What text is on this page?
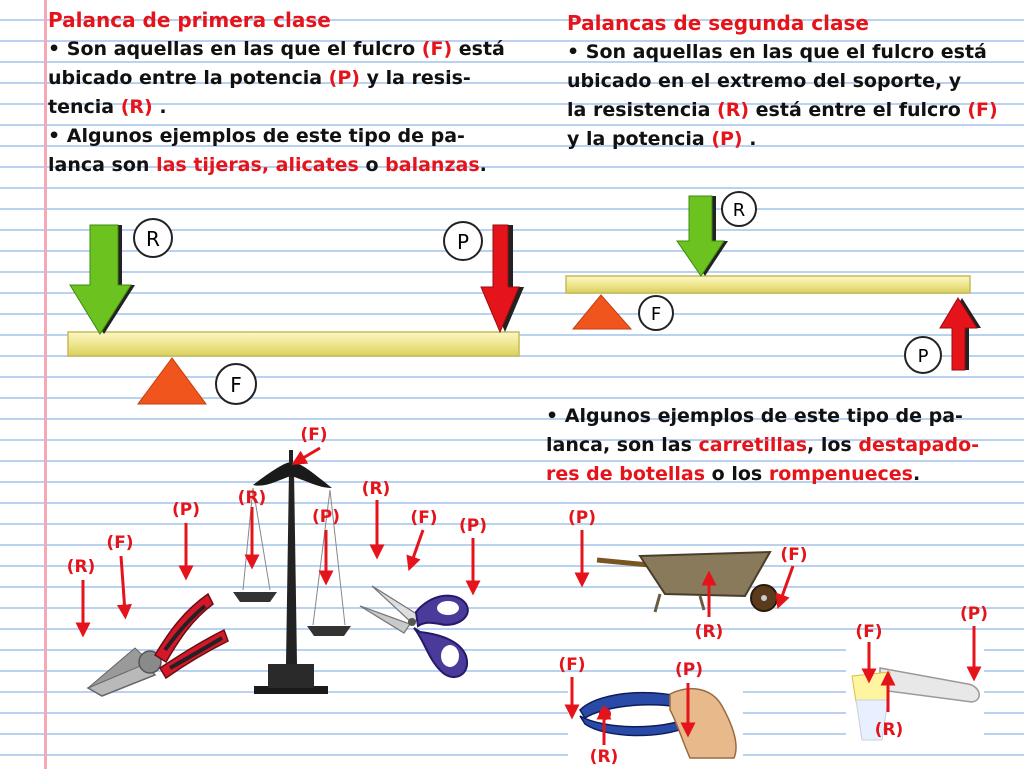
Palanca de primera clase
• Son aquellas en las que el fulcro (F) está
ubicado entre la potencia (P) y la resis-
tencia (R) .
• Algunos ejemplos de este tipo de pa-
lanca son las tijeras, alicates o balanzas.
Palancas de segunda clase
• Son aquellas en las que el fulcro está
ubicado en el extremo del soporte, y
la resistencia (R) está entre el fulcro (F)
y la potencia (P) .
• Algunos ejemplos de este tipo de pa-
lanca, son las carretillas, los destapado-
res de botellas o los rompenueces.
R	P
F
R
F
P
(R)
(F)
(P)
(R)
(F)
(P)
(R)
(F) (P)	(P)
(R)
(F)
(F)	(P)
(R)
(F)
(P)
(R)
